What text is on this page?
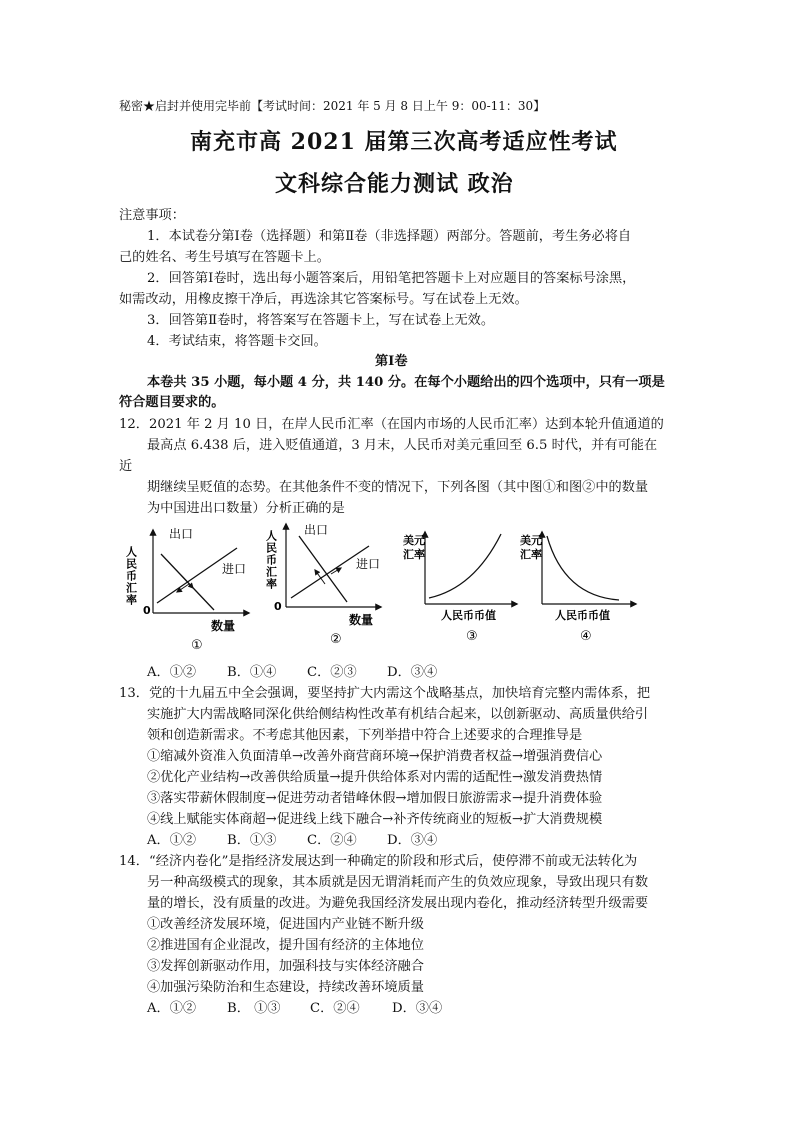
秘密★启封并使用完毕前【考试时间：2021 年 5 月 8 日上午 9：00-11：30】
南充市高 2021 届第三次高考适应性考试
文科综合能力测试 政治
注意事项：
1．本试卷分第Ⅰ卷（选择题）和第Ⅱ卷（非选择题）两部分。答题前，考生务必将自
己的姓名、考生号填写在答题卡上。
2．回答第Ⅰ卷时，选出每小题答案后，用铅笔把答题卡上对应题目的答案标号涂黑，
如需改动，用橡皮擦干净后，再选涂其它答案标号。写在试卷上无效。
3．回答第Ⅱ卷时，将答案写在答题卡上，写在试卷上无效。
4．考试结束，将答题卡交回。
第Ⅰ卷
本卷共 35 小题，每小题 4 分，共 140 分。在每个小题给出的四个选项中，只有一项是
符合题目要求的。
12．2021 年 2 月 10 日，在岸人民币汇率（在国内市场的人民币汇率）达到本轮升值通道的
最高点 6.438 后，进入贬值通道，3 月末，人民币对美元重回至 6.5 时代，并有可能在
近
期继续呈贬值的态势。在其他条件不变的情况下，下列各图（其中图①和图②中的数量
为中国进出口数量）分析正确的是
出口
进口
0
数量
①
人民币汇率
出口
进口
0
数量
②
人民币汇率	美元
汇率
人民币币值
③
美元
汇率
人民币币值
④
A．①② B．①④ C．②③ D．③④
13．党的十九届五中全会强调，要坚持扩大内需这个战略基点，加快培育完整内需体系，把
实施扩大内需战略同深化供给侧结构性改革有机结合起来，以创新驱动、高质量供给引
领和创造新需求。不考虑其他因素，下列举措中符合上述要求的合理推导是
①缩减外资准入负面清单→改善外商营商环境→保护消费者权益→增强消费信心
②优化产业结构→改善供给质量→提升供给体系对内需的适配性→激发消费热情
③落实带薪休假制度→促进劳动者错峰休假→增加假日旅游需求→提升消费体验
④线上赋能实体商超→促进线上线下融合→补齐传统商业的短板→扩大消费规模
A．①② B．①③ C．②④ D．③④
14．“经济内卷化”是指经济发展达到一种确定的阶段和形式后，使停滞不前或无法转化为
另一种高级模式的现象，其本质就是因无谓消耗而产生的负效应现象，导致出现只有数
量的增长，没有质量的改进。为避免我国经济发展出现内卷化，推动经济转型升级需要
①改善经济发展环境，促进国内产业链不断升级
②推进国有企业混改，提升国有经济的主体地位
③发挥创新驱动作用，加强科技与实体经济融合
④加强污染防治和生态建设，持续改善环境质量
A．①② B． ①③ C．②④ D．③④
